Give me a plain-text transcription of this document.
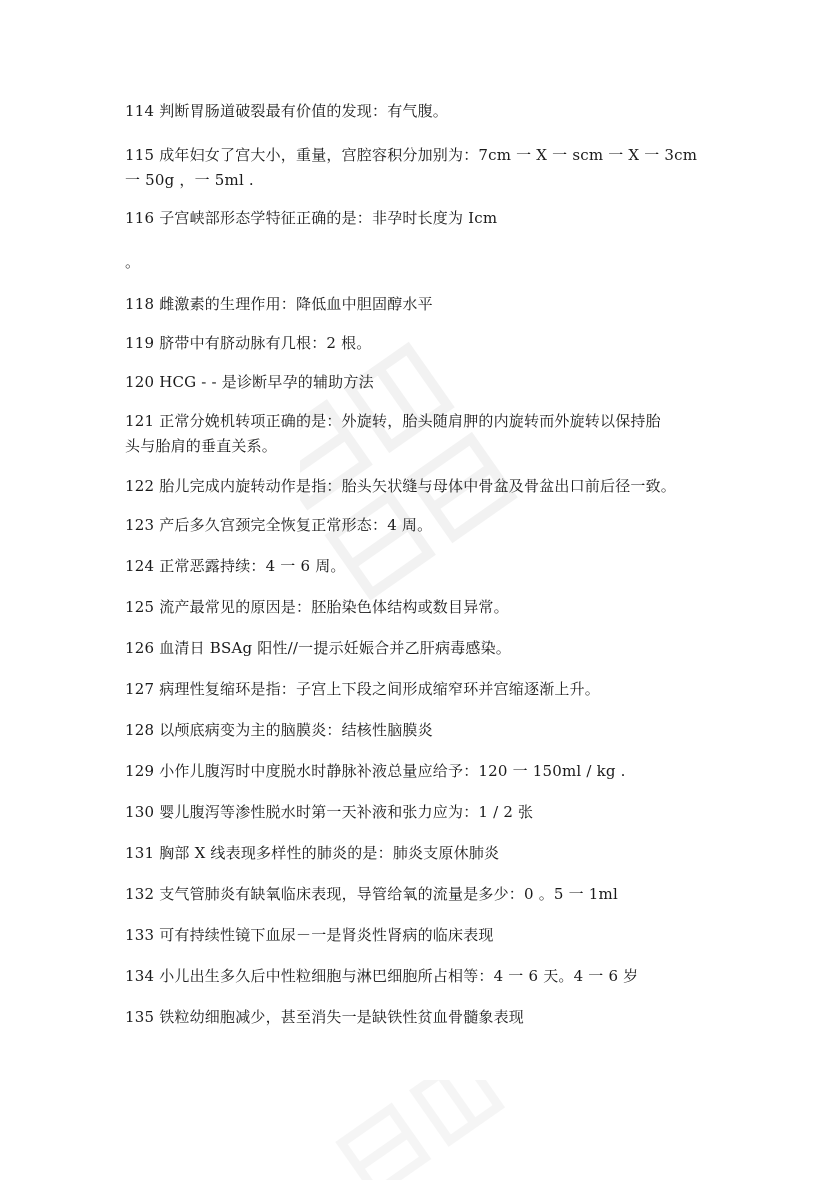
114 判断胃肠道破裂最有价值的发现：有气腹。
115 成年妇女了宫大小，重量，宫腔容积分加别为：7cm 一 X 一 scm 一 X 一 3cm
一 50g ，一 5ml .
116 子宫峡部形态学特征正确的是：非孕时长度为 Icm
。
118 雌激素的生理作用：降低血中胆固醇水平
119 脐带中有脐动脉有几根：2 根。
120 HCG - - 是诊断早孕的辅助方法
121 正常分娩机转项正确的是：外旋转，胎头随肩胛的内旋转而外旋转以保持胎
头与胎肩的垂直关系。
122 胎儿完成内旋转动作是指：胎头矢状缝与母体中骨盆及骨盆出口前后径一致。
123 产后多久宫颈完全恢复正常形态：4 周。
124 正常恶露持续：4 一 6 周。
125 流产最常见的原因是：胚胎染色体结构或数目异常。
126 血清日 BSAg 阳性//一提示妊娠合并乙肝病毒感染。
127 病理性复缩环是指：子宫上下段之间形成缩窄环并宫缩逐渐上升。
128 以颅底病变为主的脑膜炎：结核性脑膜炎
129 小作儿腹泻时中度脱水时静脉补液总量应给予：120 一 150ml / kg .
130 婴儿腹泻等渗性脱水时第一天补液和张力应为：1 / 2 张
131 胸部 X 线表现多样性的肺炎的是：肺炎支原休肺炎
132 支气管肺炎有缺氧临床表现，导管给氧的流量是多少：0 。5 一 1ml
133 可有持续性镜下血尿－一是肾炎性肾病的临床表现
134 小儿出生多久后中性粒细胞与淋巴细胞所占相等：4 一 6 天。4 一 6 岁
135 铁粒幼细胞减少，甚至消失一是缺铁性贫血骨髓象表现
